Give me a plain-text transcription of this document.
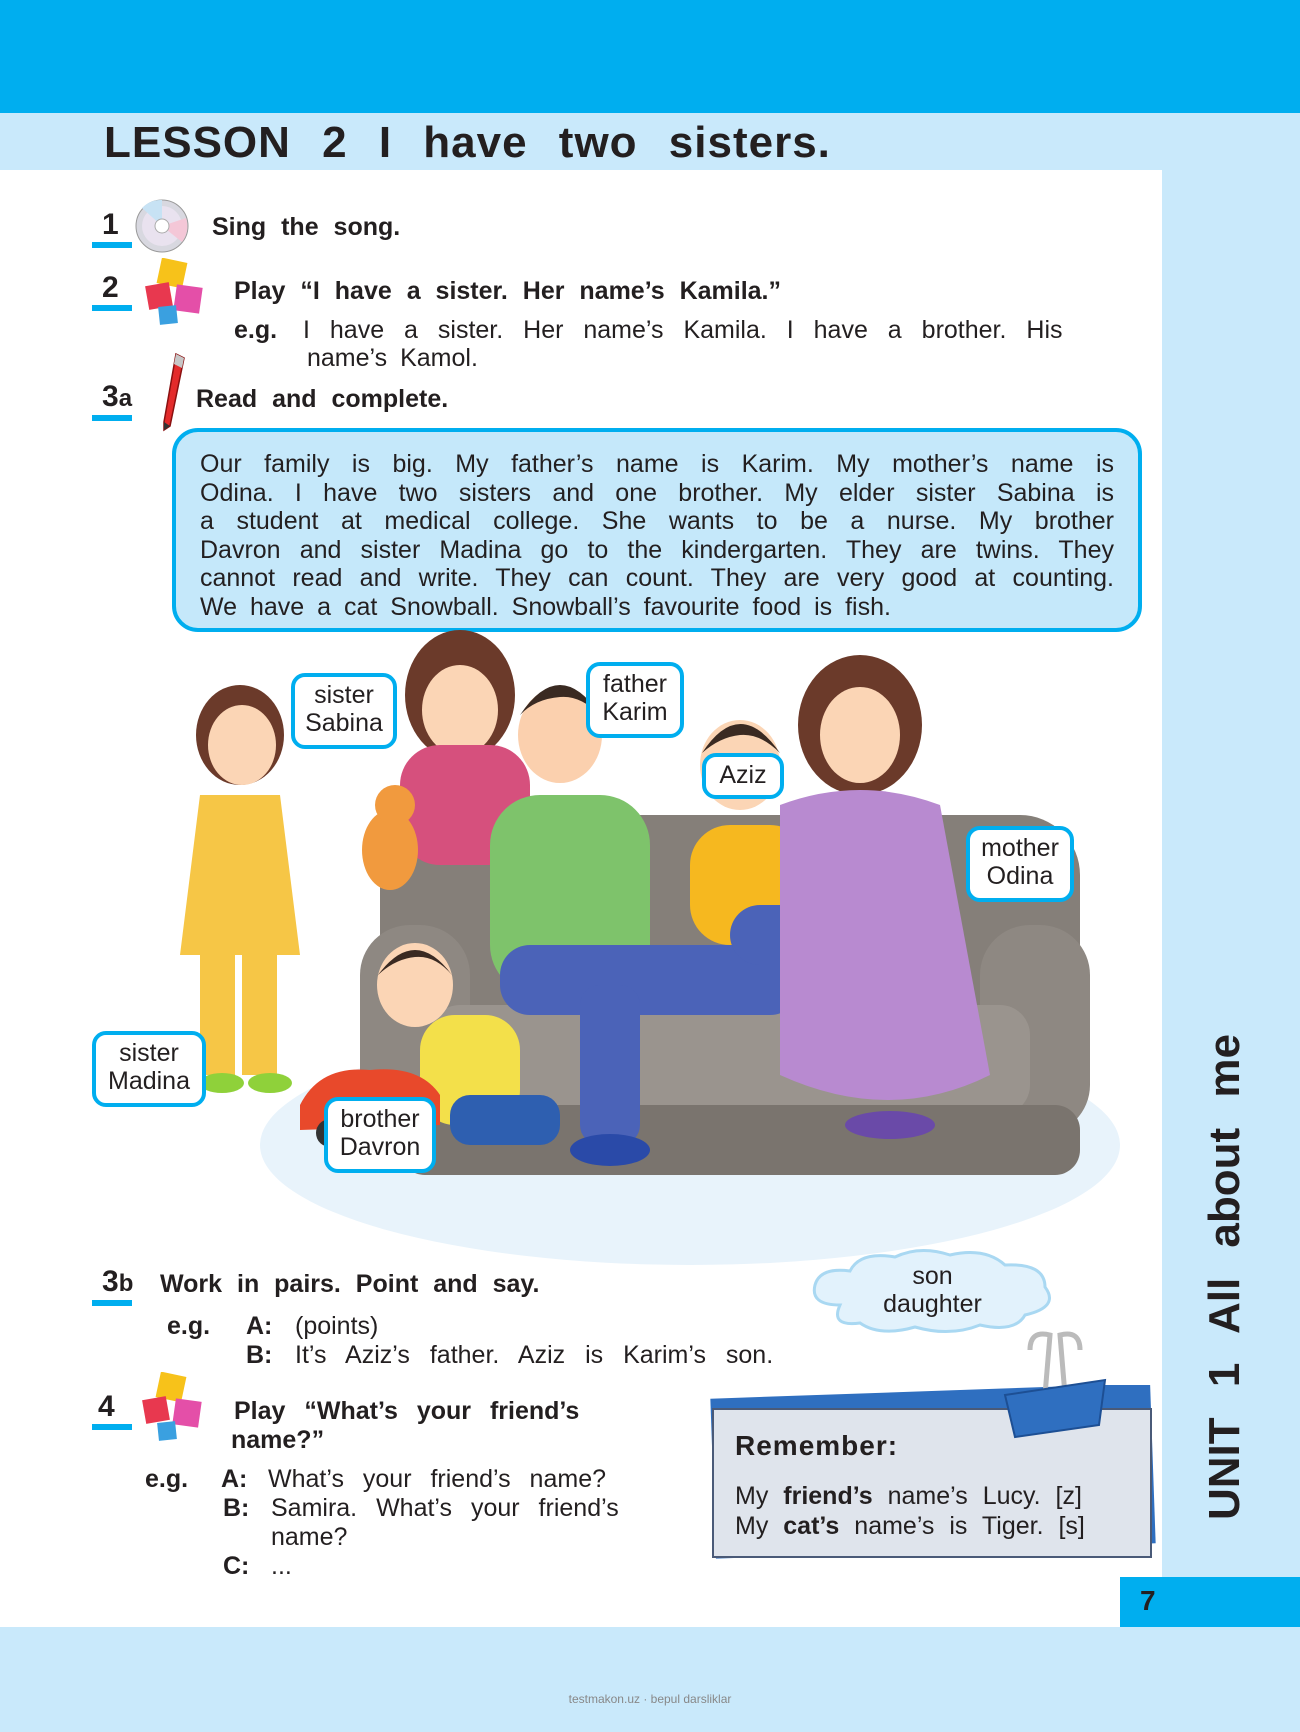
LESSON 2 I have two sisters.
1	Sing the song.
2	Play “I have a sister. Her name’s Kamila.”
e.g. I have a sister. Her name’s Kamila. I have a brother. His
name’s Kamol.
3a	Read and complete.

Our family is big. My father’s name is Karim. My mother’s name is

Odina. I have two sisters and one brother. My elder sister Sabina is

a student at medical college. She wants to be a nurse. My brother

Davron and sister Madina go to the kindergarten. They are twins. They

cannot read and write. They can count. They are very good at counting.

We have a cat Snowball. Snowball’s favourite food is fish.

sister
Sabina
father
Karim
Aziz
mother
Odina
sister
Madina
brother
Davron
3b Work in pairs. Point and say.
e.g. A: (points)
B: It’s Aziz’s father. Aziz is Karim’s son.
son
daughter
4	Play “What’s your friend’s
name?”
e.g. A: What’s your friend’s name?
B: Samira. What’s your friend’s
name?
C: ...
Remember:
My friend’s name’s Lucy. [z]
My cat’s name’s is Tiger. [s]
UNIT 1 All about me
7
testmakon.uz · bepul darsliklar
